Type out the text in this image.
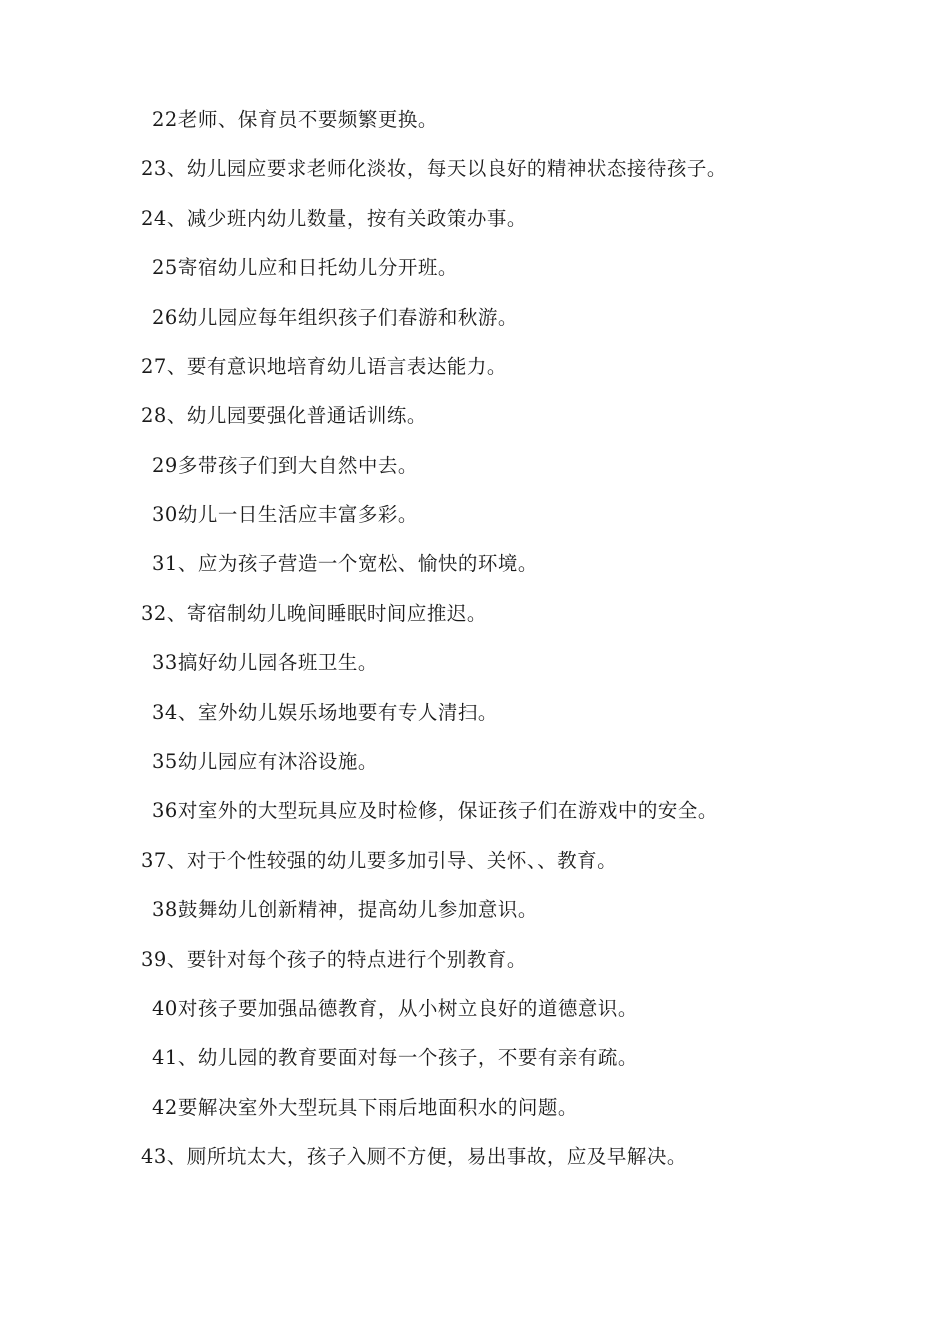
22老师、保育员不要频繁更换。
23、幼儿园应要求老师化淡妆，每天以良好的精神状态接待孩子。
24、减少班内幼儿数量，按有关政策办事。
25寄宿幼儿应和日托幼儿分开班。
26幼儿园应每年组织孩子们春游和秋游。
27、要有意识地培育幼儿语言表达能力。
28、幼儿园要强化普通话训练。
29多带孩子们到大自然中去。
30幼儿一日生活应丰富多彩。
31、应为孩子营造一个宽松、愉快的环境。
32、寄宿制幼儿晚间睡眠时间应推迟。
33搞好幼儿园各班卫生。
34、室外幼儿娱乐场地要有专人清扫。
35幼儿园应有沐浴设施。
36对室外的大型玩具应及时检修，保证孩子们在游戏中的安全。
37、对于个性较强的幼儿要多加引导、关怀、、教育。
38鼓舞幼儿创新精神，提高幼儿参加意识。
39、要针对每个孩子的特点进行个别教育。
40对孩子要加强品德教育，从小树立良好的道德意识。
41、幼儿园的教育要面对每一个孩子，不要有亲有疏。
42要解决室外大型玩具下雨后地面积水的问题。
43、厕所坑太大，孩子入厕不方便，易出事故，应及早解决。
